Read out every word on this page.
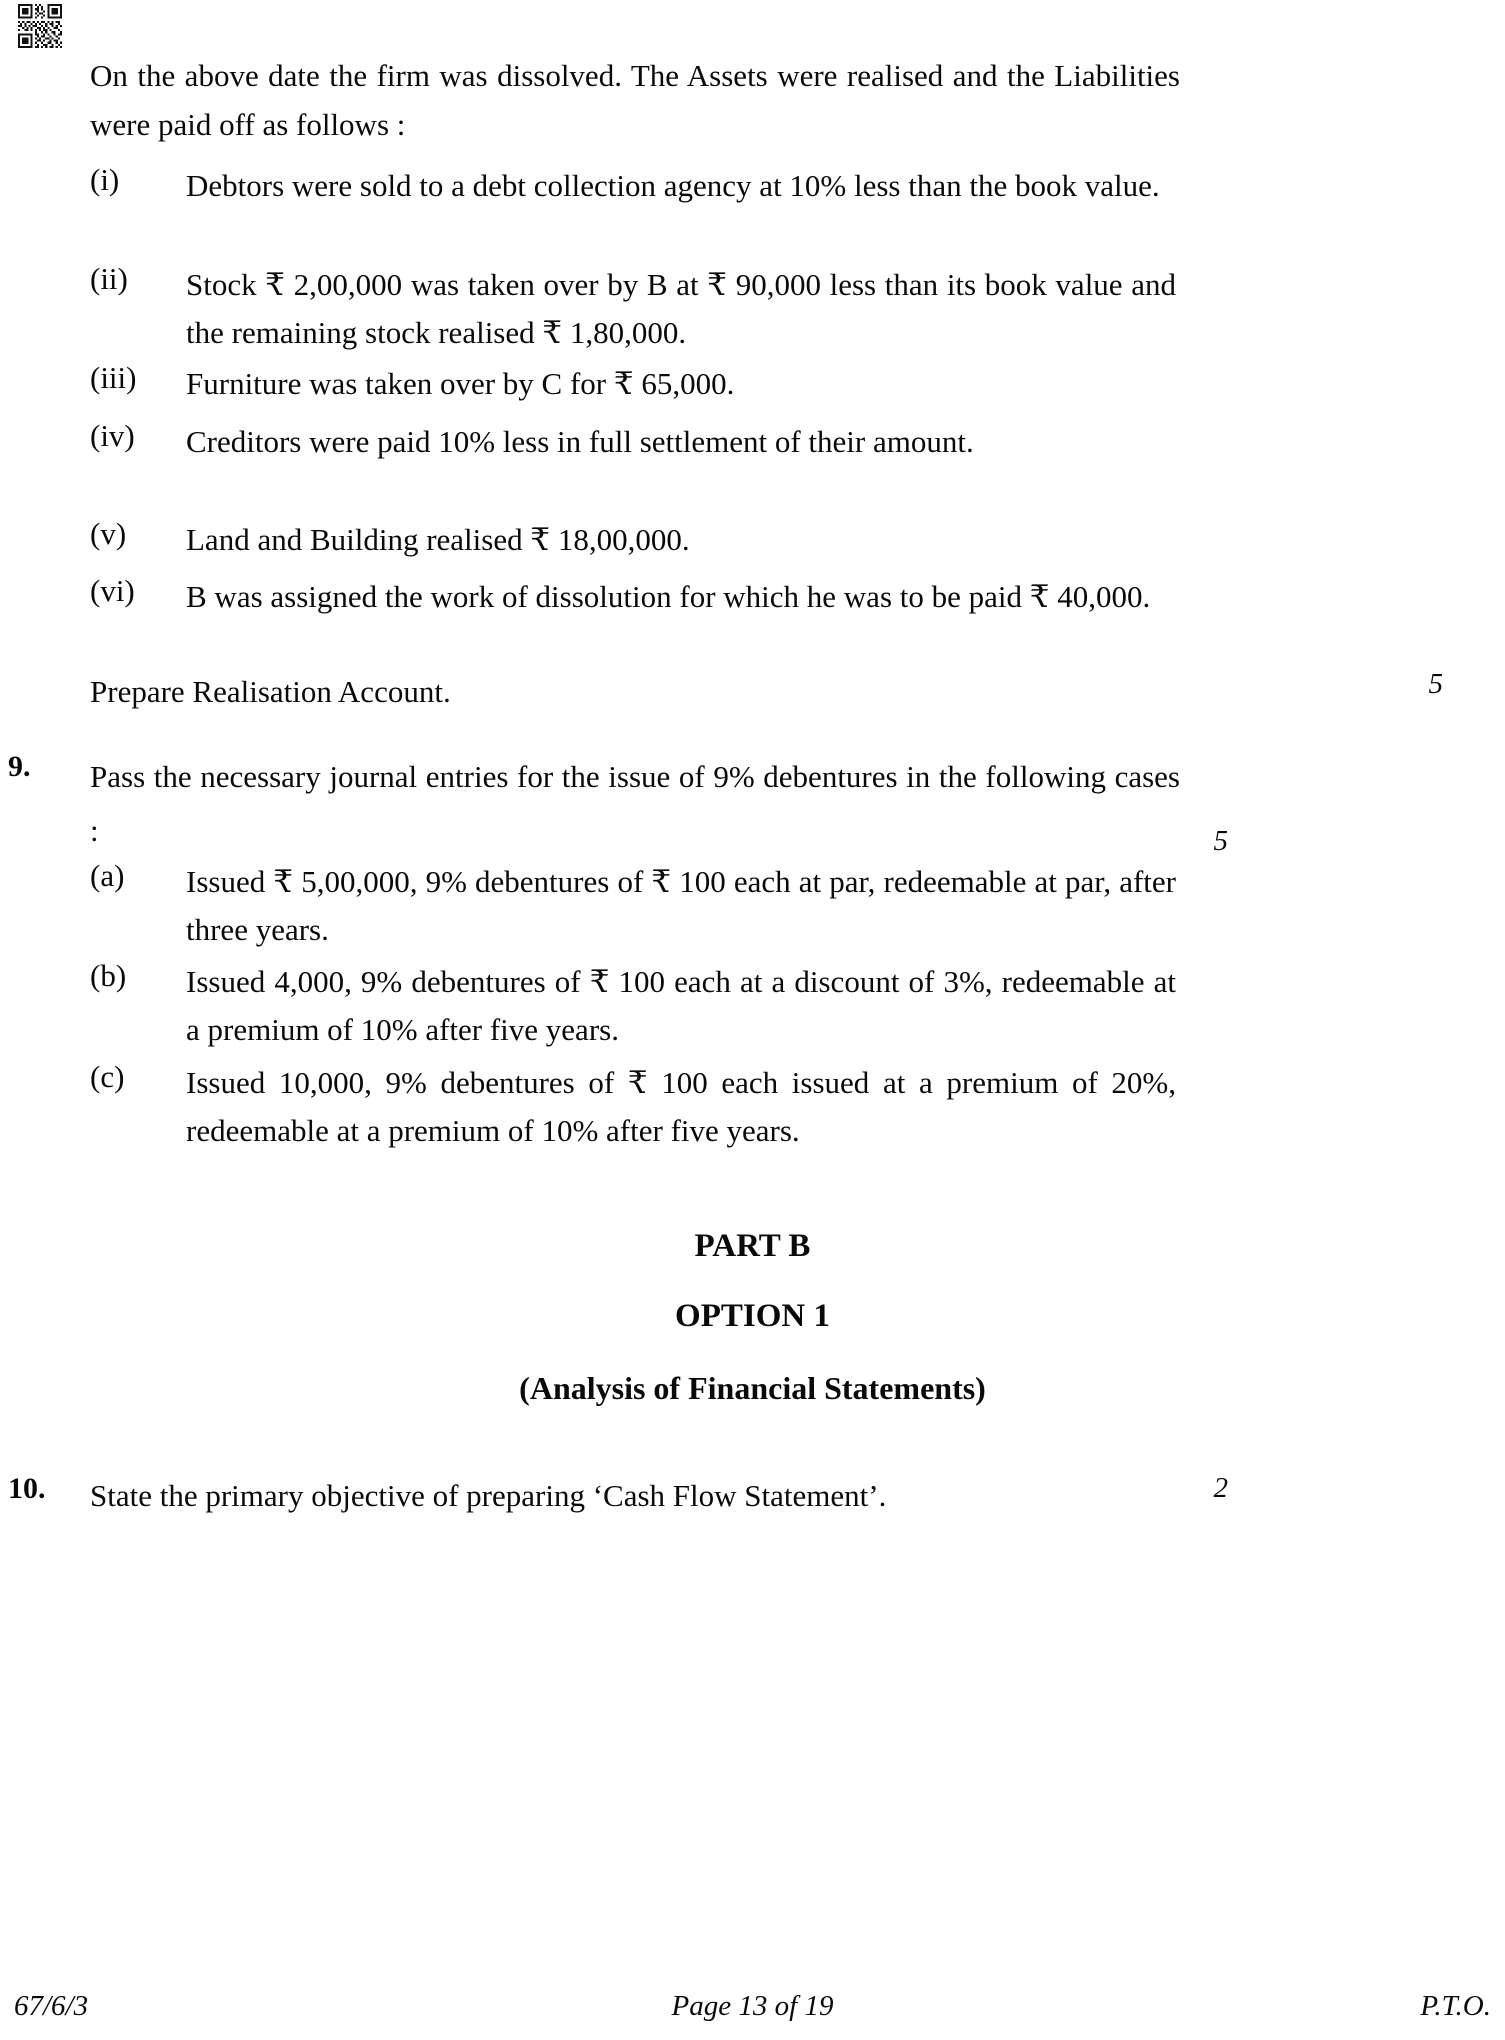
On the above date the firm was dissolved. The Assets were realised and the Liabilities were paid off as follows :
(i)	Debtors were sold to a debt collection agency at 10% less than the book value.
(ii)	Stock ₹ 2,00,000 was taken over by B at ₹ 90,000 less than its book value and the remaining stock realised ₹ 1,80,000.
(iii)	Furniture was taken over by C for ₹ 65,000.
(iv)	Creditors were paid 10% less in full settlement of their amount.
(v)	Land and Building realised ₹ 18,00,000.
(vi)	B was assigned the work of dissolution for which he was to be paid ₹ 40,000.
Prepare Realisation Account.	5
9.	Pass the necessary journal entries for the issue of 9% debentures in the following cases :	5
(a)	Issued ₹ 5,00,000, 9% debentures of ₹ 100 each at par, redeemable at par, after three years.
(b)	Issued 4,000, 9% debentures of ₹ 100 each at a discount of 3%, redeemable at a premium of 10% after five years.
(c)	Issued 10,000, 9% debentures of ₹ 100 each issued at a premium of 20%, redeemable at a premium of 10% after five years.
PART B
OPTION 1
(Analysis of Financial Statements)
10.	State the primary objective of preparing ‘Cash Flow Statement’.	2
67/6/3	Page 13 of 19	P.T.O.
